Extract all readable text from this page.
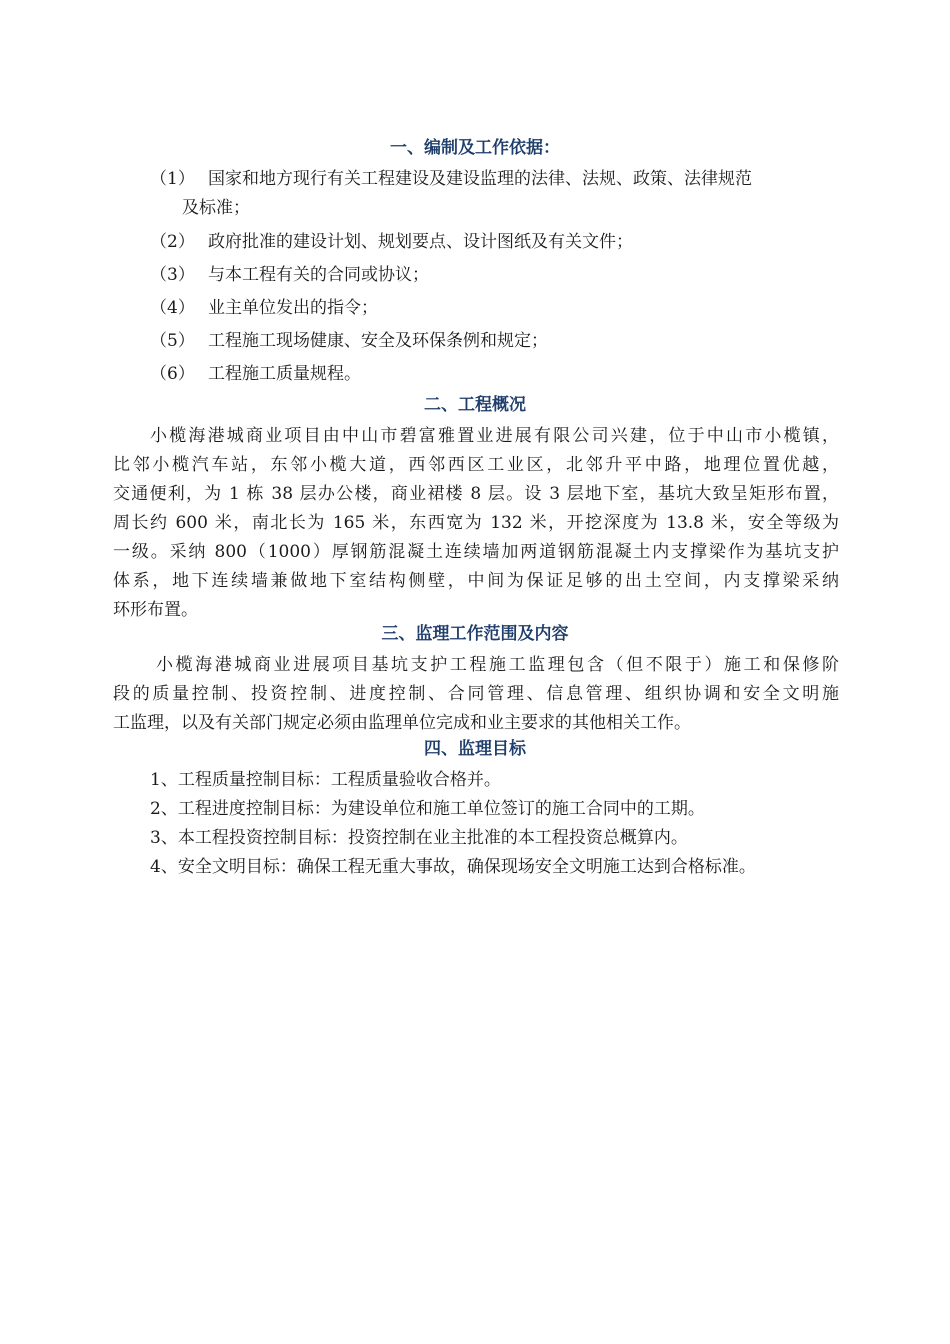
一、编制及工作依据：
（1） 国家和地方现行有关工程建设及建设监理的法律、法规、政策、法律规范
及标准；
（2） 政府批准的建设计划、规划要点、设计图纸及有关文件；
（3） 与本工程有关的合同或协议；
（4） 业主单位发出的指令；
（5） 工程施工现场健康、安全及环保条例和规定；
（6） 工程施工质量规程。
二、工程概况
小榄海港城商业项目由中山市碧富雅置业进展有限公司兴建，位于中山市小榄镇，
比邻小榄汽车站，东邻小榄大道，西邻西区工业区，北邻升平中路，地理位置优越，
交通便利，为 1 栋 38 层办公楼，商业裙楼 8 层。设 3 层地下室，基坑大致呈矩形布置，
周长约 600 米，南北长为 165 米，东西宽为 132 米，开挖深度为 13.8 米，安全等级为
一级。采纳 800（1000）厚钢筋混凝土连续墙加两道钢筋混凝土内支撑梁作为基坑支护
体系，地下连续墙兼做地下室结构侧壁，中间为保证足够的出土空间，内支撑梁采纳
环形布置。
三、监理工作范围及内容
小榄海港城商业进展项目基坑支护工程施工监理包含（但不限于）施工和保修阶
段的质量控制、投资控制、进度控制、合同管理、信息管理、组织协调和安全文明施
工监理，以及有关部门规定必须由监理单位完成和业主要求的其他相关工作。
四、监理目标
1、工程质量控制目标：工程质量验收合格并。
2、工程进度控制目标：为建设单位和施工单位签订的施工合同中的工期。
3、本工程投资控制目标：投资控制在业主批准的本工程投资总概算内。
4、安全文明目标：确保工程无重大事故，确保现场安全文明施工达到合格标准。
